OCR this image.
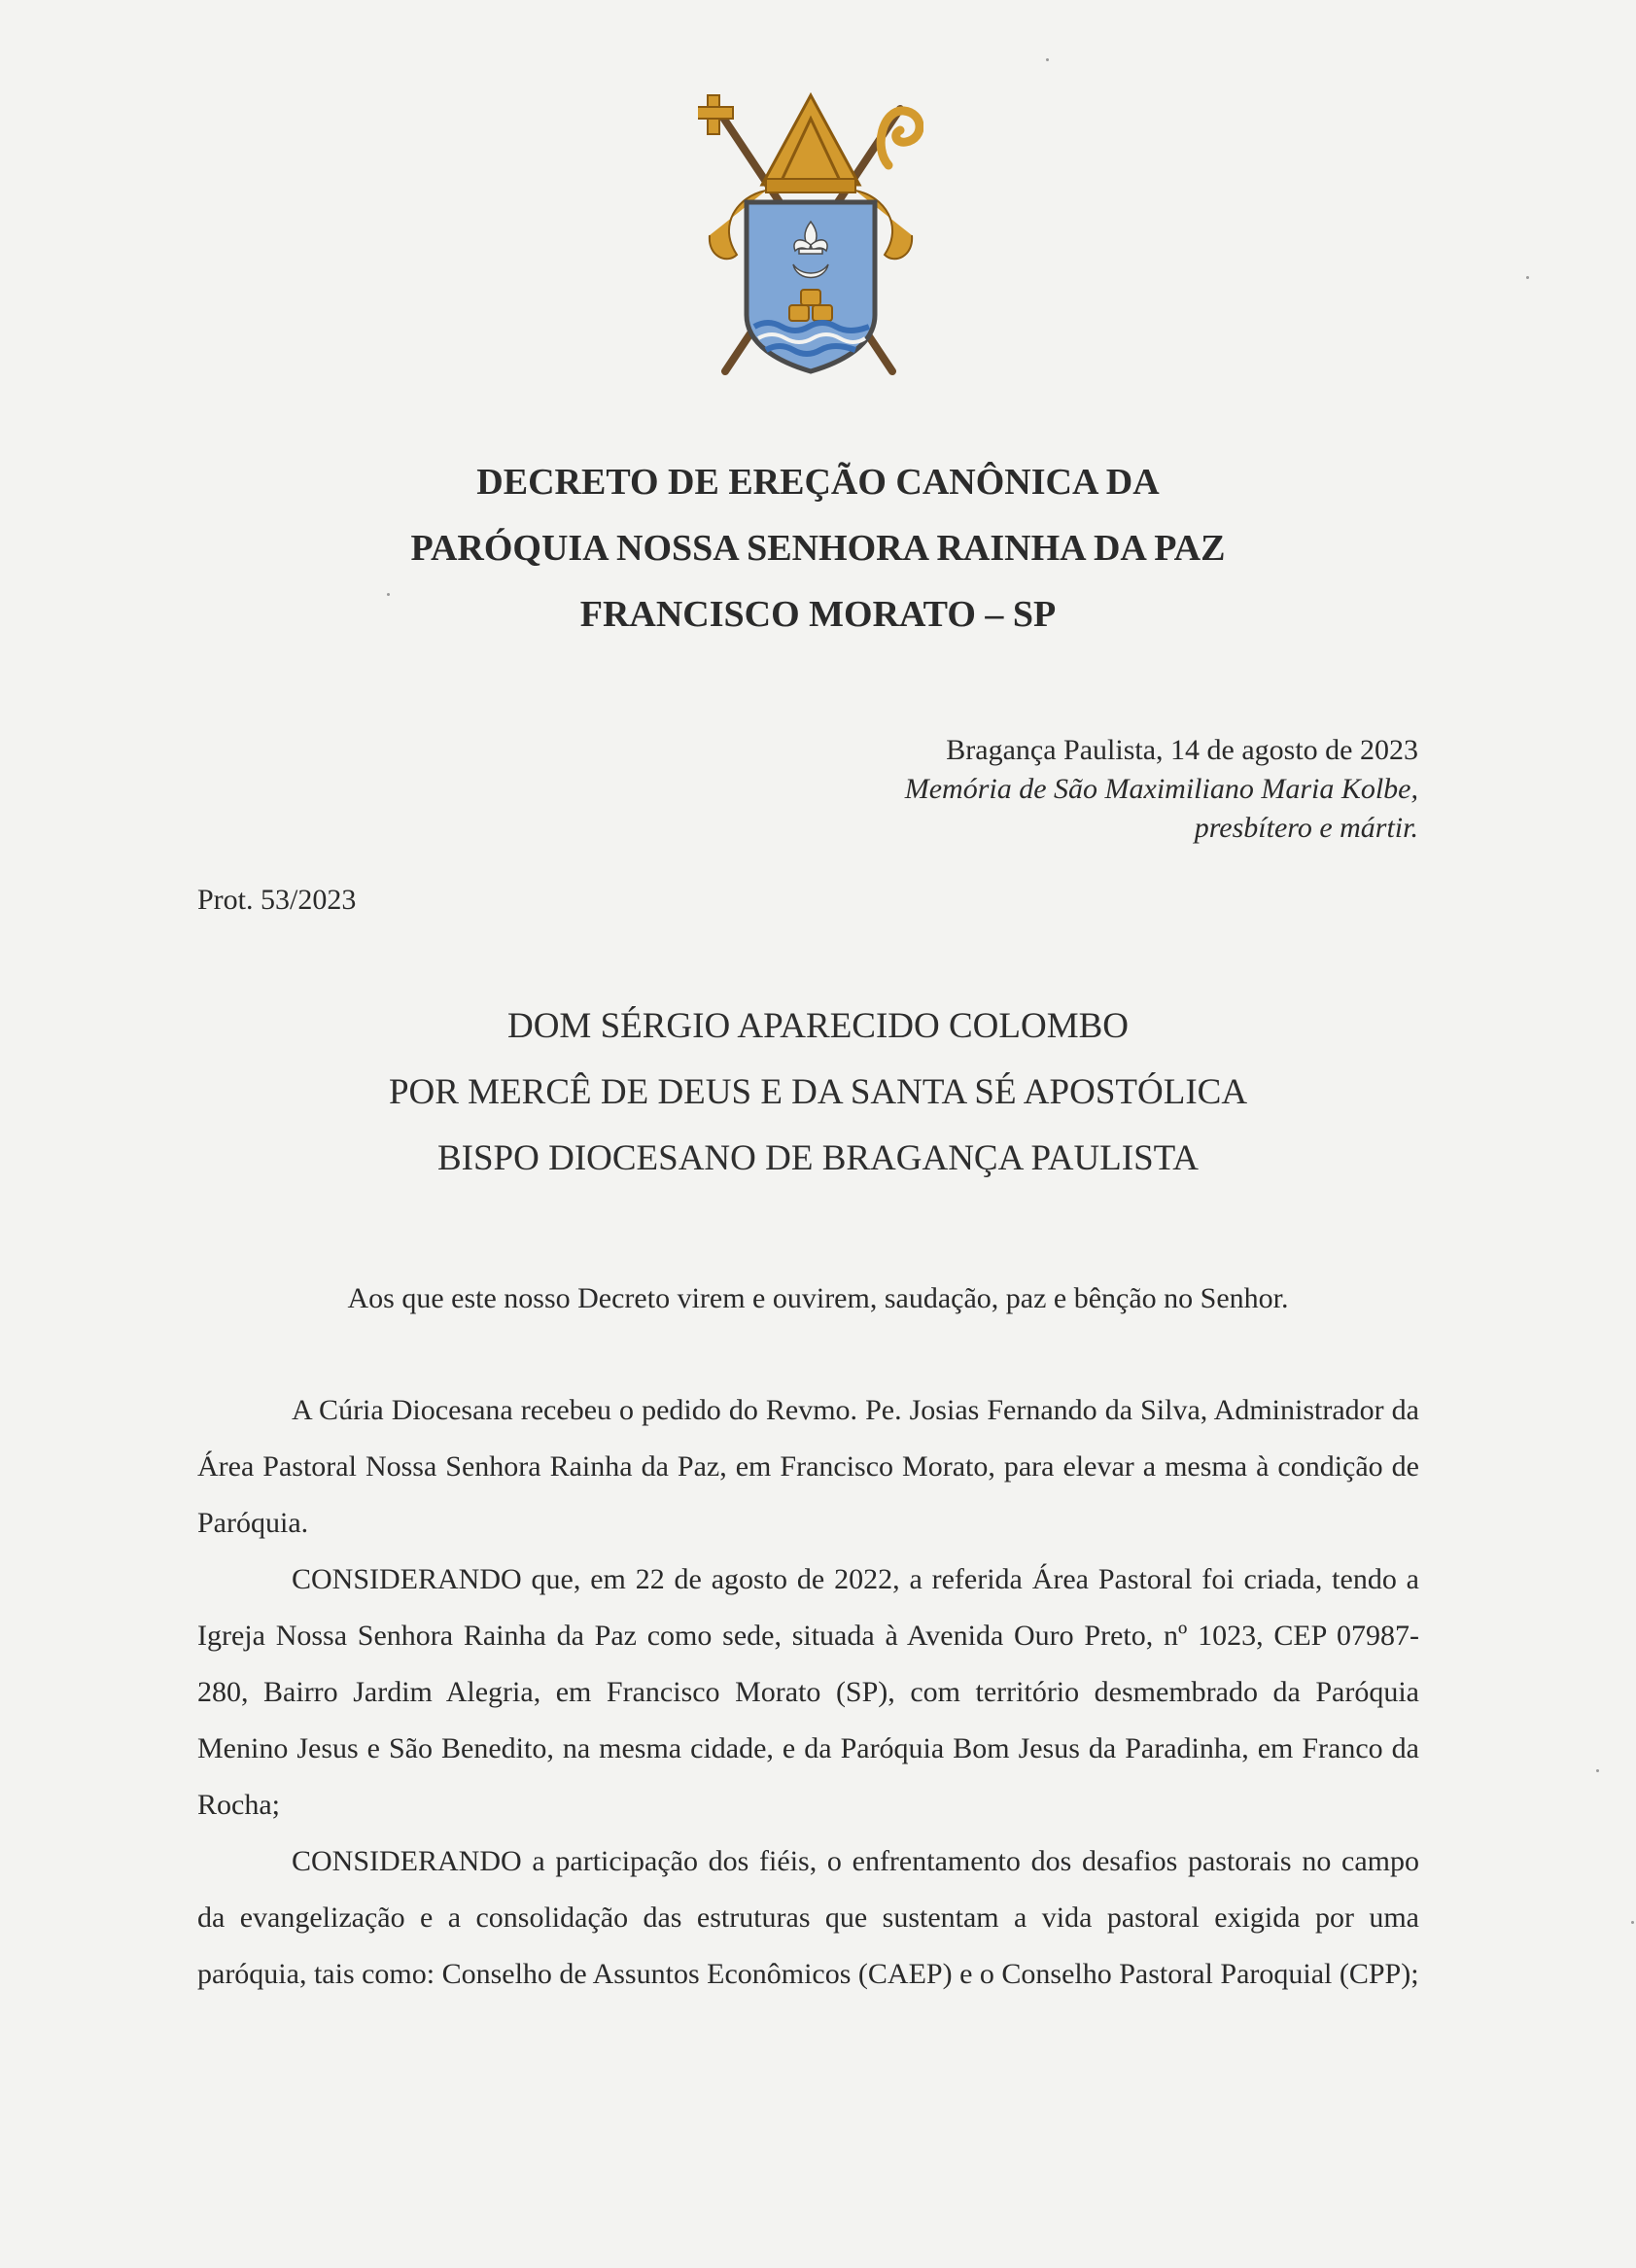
DECRETO DE EREÇÃO CANÔNICA DA
PARÓQUIA NOSSA SENHORA RAINHA DA PAZ
FRANCISCO MORATO – SP
Bragança Paulista, 14 de agosto de 2023
Memória de São Maximiliano Maria Kolbe,
presbítero e mártir.
Prot. 53/2023
DOM SÉRGIO APARECIDO COLOMBO
POR MERCÊ DE DEUS E DA SANTA SÉ APOSTÓLICA
BISPO DIOCESANO DE BRAGANÇA PAULISTA
Aos que este nosso Decreto virem e ouvirem, saudação, paz e bênção no Senhor.

A Cúria Diocesana recebeu o pedido do Revmo. Pe. Josias Fernando da Silva, Administrador da Área Pastoral Nossa Senhora Rainha da Paz, em Francisco Morato, para elevar a mesma à condição de Paróquia.

CONSIDERANDO que, em 22 de agosto de 2022, a referida Área Pastoral foi criada, tendo a Igreja Nossa Senhora Rainha da Paz como sede, situada à Avenida Ouro Preto, nº 1023, CEP 07987-280, Bairro Jardim Alegria, em Francisco Morato (SP), com território desmembrado da Paróquia Menino Jesus e São Benedito, na mesma cidade, e da Paróquia Bom Jesus da Paradinha, em Franco da Rocha;

CONSIDERANDO a participação dos fiéis, o enfrentamento dos desafios pastorais no campo da evangelização e a consolidação das estruturas que sustentam a vida pastoral exigida por uma paróquia, tais como: Conselho de Assuntos Econômicos (CAEP) e o Conselho Pastoral Paroquial (CPP);
